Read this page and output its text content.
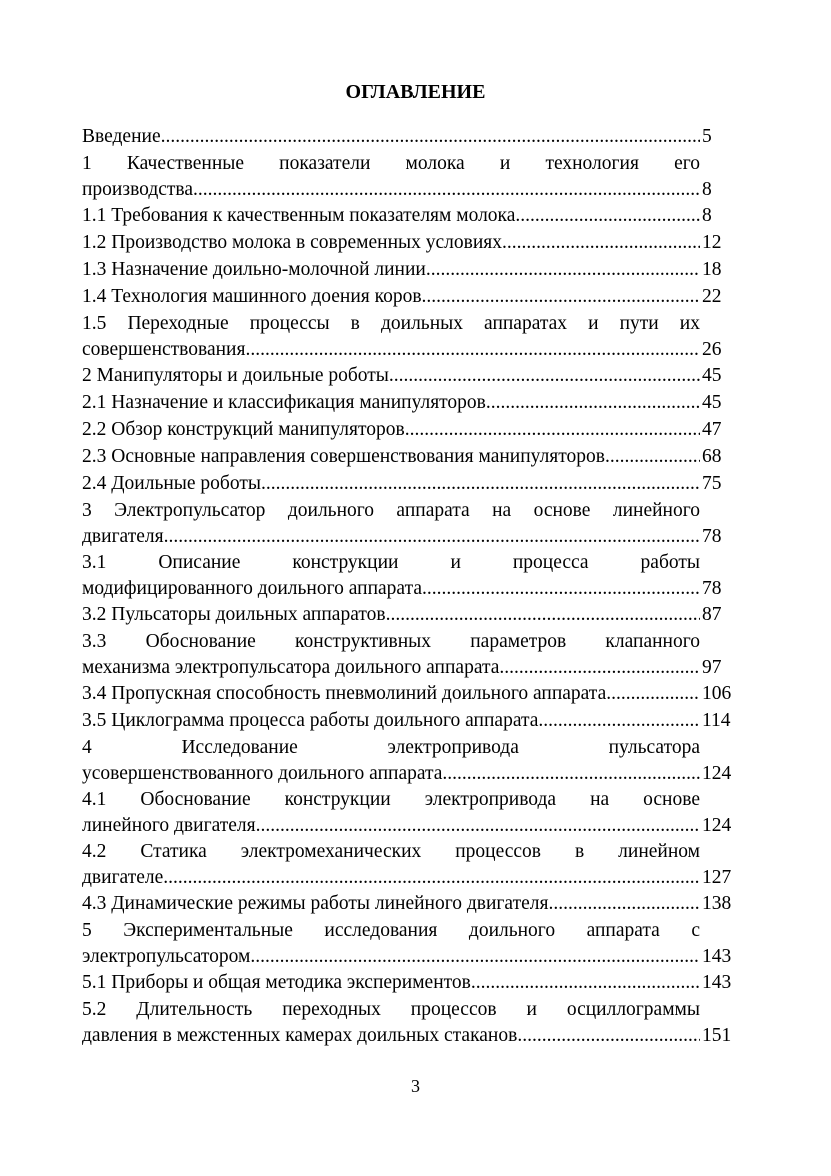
ОГЛАВЛЕНИЕ
Введение .....	5
1 Качественные показатели молока и технология его
производства .....	8
1.1 Требования к качественным показателям молока .....	8
1.2 Производство молока в современных условиях .....	12
1.3 Назначение доильно-молочной линии .....	18
1.4 Технология машинного доения коров .....	22
1.5 Переходные процессы в доильных аппаратах и пути их
совершенствования .....	26
2 Манипуляторы и доильные роботы .....	45
2.1 Назначение и классификация манипуляторов .....	45
2.2 Обзор конструкций манипуляторов .....	47
2.3 Основные направления совершенствования манипуляторов .....	68
2.4 Доильные роботы .....	75
3 Электропульсатор доильного аппарата на основе линейного
двигателя .....	78
3.1 Описание конструкции и процесса работы
модифицированного доильного аппарата .....	78
3.2 Пульсаторы доильных аппаратов .....	87
3.3 Обоснование конструктивных параметров клапанного
механизма электропульсатора доильного аппарата .....	97
3.4 Пропускная способность пневмолиний доильного аппарата .....	106
3.5 Циклограмма процесса работы доильного аппарата .....	114
4 Исследование электропривода пульсатора
усовершенствованного доильного аппарата .....	124
4.1 Обоснование конструкции электропривода на основе
линейного двигателя .....	124
4.2 Статика электромеханических процессов в линейном
двигателе .....	127
4.3 Динамические режимы работы линейного двигателя .....	138
5 Экспериментальные исследования доильного аппарата с
электропульсатором .....	143
5.1 Приборы и общая методика экспериментов .....	143
5.2 Длительность переходных процессов и осциллограммы
давления в межстенных камерах доильных стаканов .....	151
3
